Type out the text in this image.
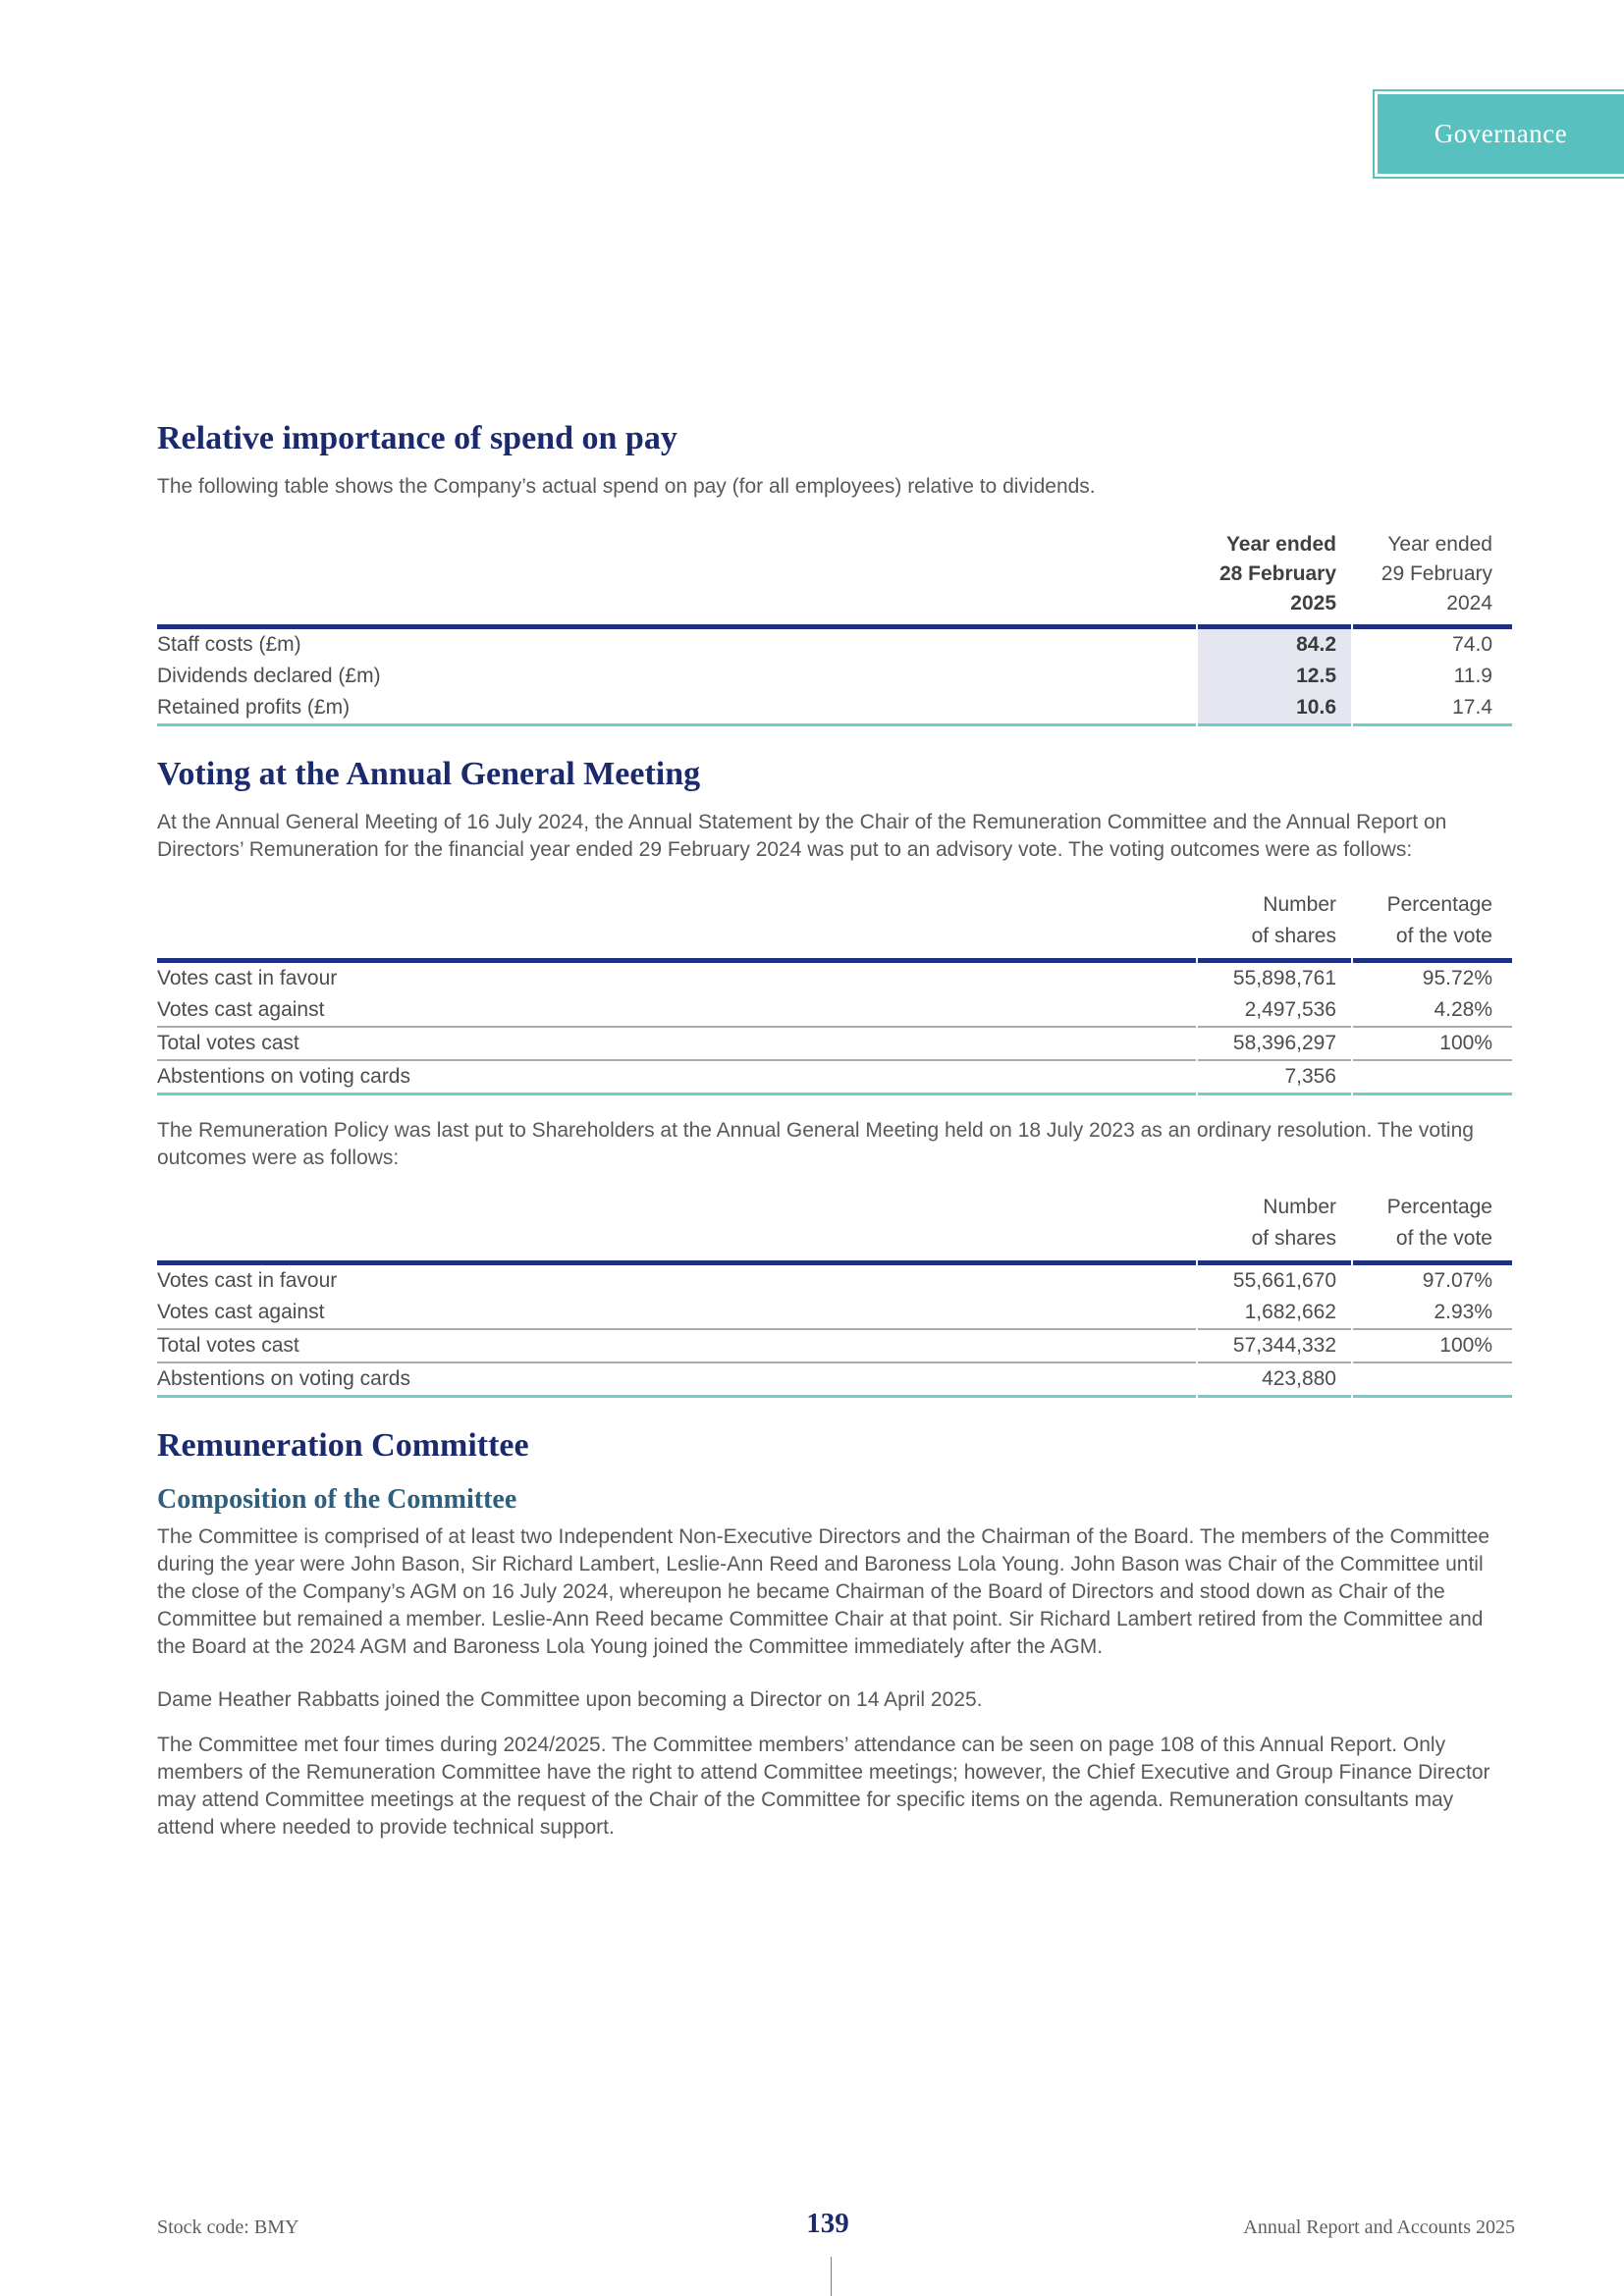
Governance
Relative importance of spend on pay

The following table shows the Company’s actual spend on pay (for all employees) relative to dividends.

Year ended
28 February
2025
Year ended
29 February
2024
Staff costs (£m)	84.2	74.0
Dividends declared (£m)	12.5	11.9
Retained profits (£m)	10.6	17.4
Voting at the Annual General Meeting

At the Annual General Meeting of 16 July 2024, the Annual Statement by the Chair of the Remuneration Committee and the Annual Report on Directors’ Remuneration for the financial year ended 29 February 2024 was put to an advisory vote. The voting outcomes were as follows:

Number
of shares
Percentage
of the vote
Votes cast in favour	55,898,761	95.72%
Votes cast against	2,497,536	4.28%
Total votes cast	58,396,297	100%
Abstentions on voting cards	7,356

The Remuneration Policy was last put to Shareholders at the Annual General Meeting held on 18 July 2023 as an ordinary resolution. The voting outcomes were as follows:

Number
of shares
Percentage
of the vote
Votes cast in favour	55,661,670	97.07%
Votes cast against	1,682,662	2.93%
Total votes cast	57,344,332	100%
Abstentions on voting cards	423,880
Remuneration Committee
Composition of the Committee

The Committee is comprised of at least two Independent Non-Executive Directors and the Chairman of the Board. The members of the Committee during the year were John Bason, Sir Richard Lambert, Leslie-Ann Reed and Baroness Lola Young. John Bason was Chair of the Committee until the close of the Company’s AGM on 16 July 2024, whereupon he became Chairman of the Board of Directors and stood down as Chair of the Committee but remained a member. Leslie-Ann Reed became Committee Chair at that point. Sir Richard Lambert retired from the Committee and the Board at the 2024 AGM and Baroness Lola Young joined the Committee immediately after the AGM.

Dame Heather Rabbatts joined the Committee upon becoming a Director on 14 April 2025.

The Committee met four times during 2024/2025. The Committee members’ attendance can be seen on page 108 of this Annual Report. Only members of the Remuneration Committee have the right to attend Committee meetings; however, the Chief Executive and Group Finance Director may attend Committee meetings at the request of the Chair of the Committee for specific items on the agenda. Remuneration consultants may attend where needed to provide technical support.

Stock code: BMY	139	Annual Report and Accounts 2025
